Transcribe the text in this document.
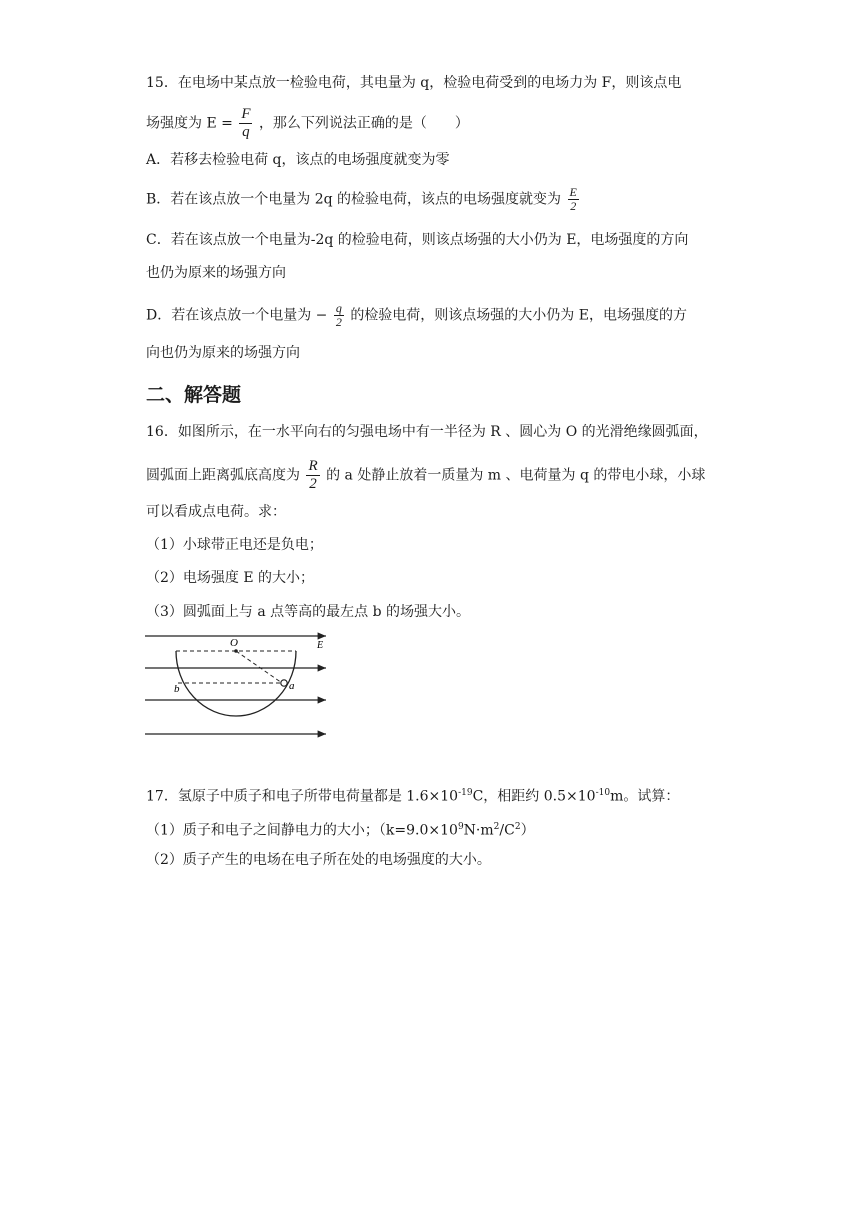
15．在电场中某点放一检验电荷，其电量为 q，检验电荷受到的电场力为 F，则该点电
场强度为 $E = \frac{F}{q}$ ，那么下列说法正确的是（　　）
A．若移去检验电荷 q，该点的电场强度就变为零
B．若在该点放一个电量为 2q 的检验电荷，该点的电场强度就变为 $\frac{E}{2}$
C．若在该点放一个电量为-2q 的检验电荷，则该点场强的大小仍为 E，电场强度的方向
也仍为原来的场强方向
D．若在该点放一个电量为 − $\frac{q}{2}$ 的检验电荷，则该点场强的大小仍为 E，电场强度的方
向也仍为原来的场强方向
二、解答题
16．如图所示，在一水平向右的匀强电场中有一半径为 R 、圆心为 O 的光滑绝缘圆弧面，
圆弧面上距离弧底高度为 $\frac{R}{2}$ 的 a 处静止放着一质量为 m 、电荷量为 q 的带电小球，小球
可以看成点电荷。求：
（1）小球带正电还是负电；
（2）电场强度 E 的大小；
（3）圆弧面上与 a 点等高的最左点 b 的场强大小。
O	E
a
b
17．氢原子中质子和电子所带电荷量都是 $1.6\times 10^{-19}C$，相距约 $0.5\times 10^{-10}m$。试算：
（1）质子和电子之间静电力的大小；$(k=9.0\times 10^9N\cdot m^2/C^2)$
（2）质子产生的电场在电子所在处的电场强度的大小。
